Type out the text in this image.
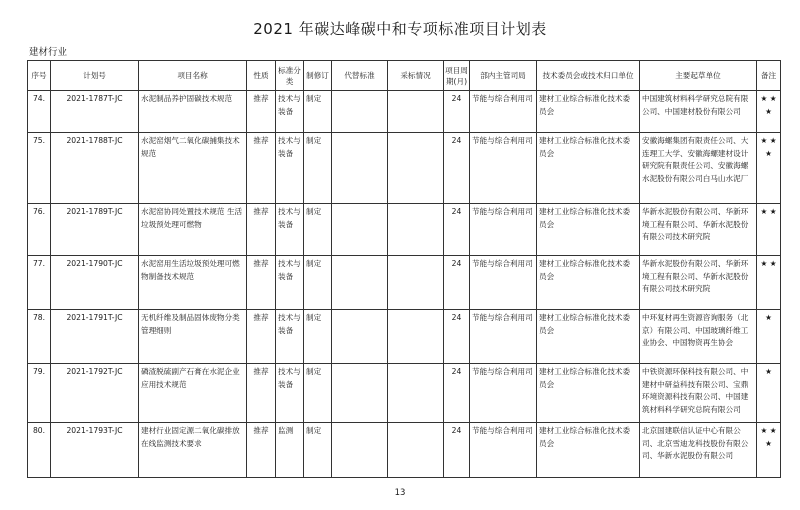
2021 年碳达峰碳中和专项标准项目计划表
建材行业
序号	计划号	项目名称	性质	标准分类	制修订	代替标准	采标情况	项目周期(月)	部内主管司局	技术委员会或技术归口单位	主要起草单位	备注
74.	2021-1787T-JC	水泥制品养护固碳技术规范	推荐	技术与装备	制定			24	节能与综合利用司	建材工业综合标准化技术委员会	中国建筑材料科学研究总院有限公司、中国建材股份有限公司	★ ★ ★
75.	2021-1788T-JC	水泥窑烟气二氧化碳捕集技术规范	推荐	技术与装备	制定			24	节能与综合利用司	建材工业综合标准化技术委员会	安徽海螺集团有限责任公司、大连理工大学、安徽海螺建材设计研究院有限责任公司、安徽海螺水泥股份有限公司白马山水泥厂	★ ★ ★
76.	2021-1789T-JC	水泥窑协同处置技术规范 生活垃圾预处理可燃物	推荐	技术与装备	制定			24	节能与综合利用司	建材工业综合标准化技术委员会	华新水泥股份有限公司、华新环境工程有限公司、华新水泥股份有限公司技术研究院	★ ★
77.	2021-1790T-JC	水泥窑用生活垃圾预处理可燃物制备技术规范	推荐	技术与装备	制定			24	节能与综合利用司	建材工业综合标准化技术委员会	华新水泥股份有限公司、华新环境工程有限公司、华新水泥股份有限公司技术研究院	★ ★
78.	2021-1791T-JC	无机纤维及制品固体废物分类管理细则	推荐	技术与装备	制定			24	节能与综合利用司	建材工业综合标准化技术委员会	中环复材再生资源咨询服务（北京）有限公司、中国玻璃纤维工业协会、中国物资再生协会	★
79.	2021-1792T-JC	磷渣脱硫副产石膏在水泥企业应用技术规范	推荐	技术与装备	制定			24	节能与综合利用司	建材工业综合标准化技术委员会	中铁资源环保科技有限公司、中建材中研益科技有限公司、宝鼎环境资源科技有限公司、中国建筑材料科学研究总院有限公司	★
80.	2021-1793T-JC	建材行业固定源二氧化碳排放在线监测技术要求	推荐	监测	制定			24	节能与综合利用司	建材工业综合标准化技术委员会	北京国建联信认证中心有限公司、北京雪迪龙科技股份有限公司、华新水泥股份有限公司	★ ★ ★
13
